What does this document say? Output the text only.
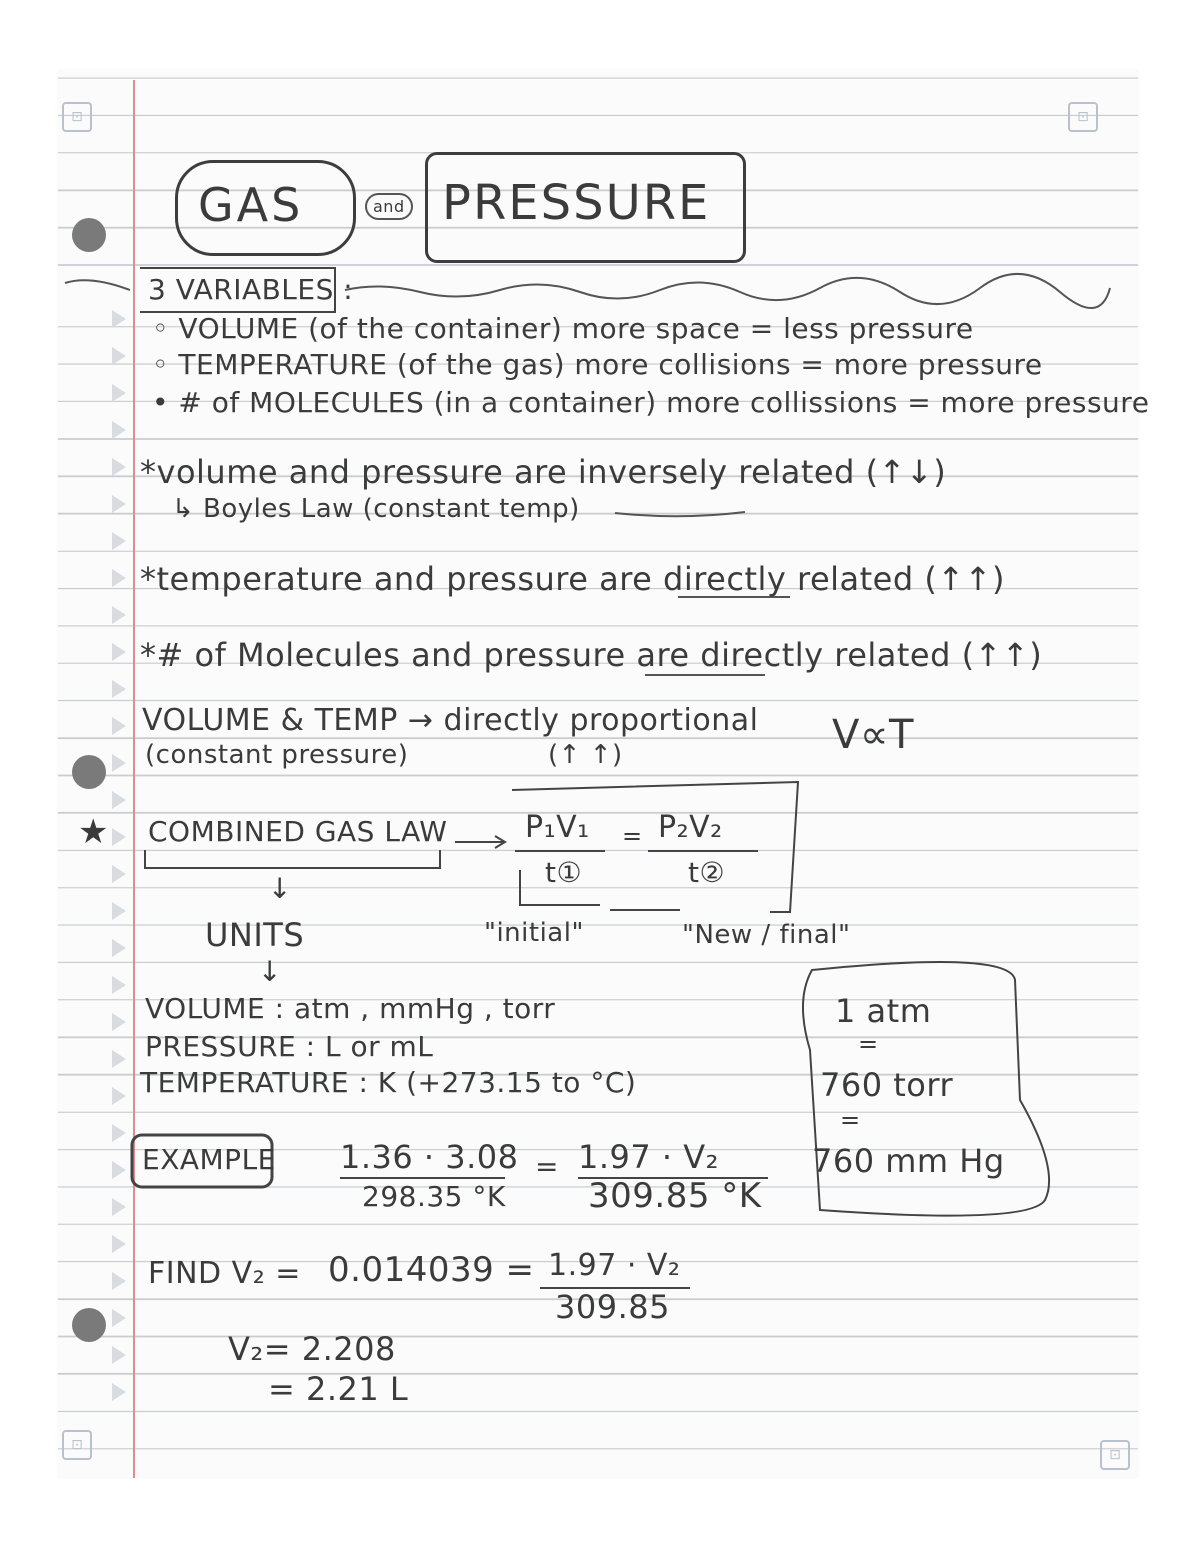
⊡	⊡
⊡
⊡
GAS	and PRESSURE
3 VARIABLES :
◦ VOLUME (of the container) more space = less pressure
◦ TEMPERATURE (of the gas) more collisions = more pressure
• # of MOLECULES (in a container) more collissions = more pressure
*volume and pressure are inversely related (↑↓)
↳ Boyles Law (constant temp)
*temperature and pressure are directly related (↑↑)
*# of Molecules and pressure are directly related (↑↑)
VOLUME & TEMP → directly proportional
(constant pressure)	(↑ ↑)	V∝T
★ COMBINED GAS LAW	P₁V₁ = P₂V₂
t①	t②
"initial"	"New / final"
↓
UNITS
↓
VOLUME : atm , mmHg , torr
PRESSURE : L or mL
TEMPERATURE : K (+273.15 to °C)
1 atm
=
760 torr
=
760 mm Hg
EXAMPLE 1.36 · 3.08
298.35 °K
= 1.97 · V₂
309.85 °K
FIND V₂ = 0.014039 = 1.97 · V₂
309.85
V₂= 2.208
= 2.21 L
